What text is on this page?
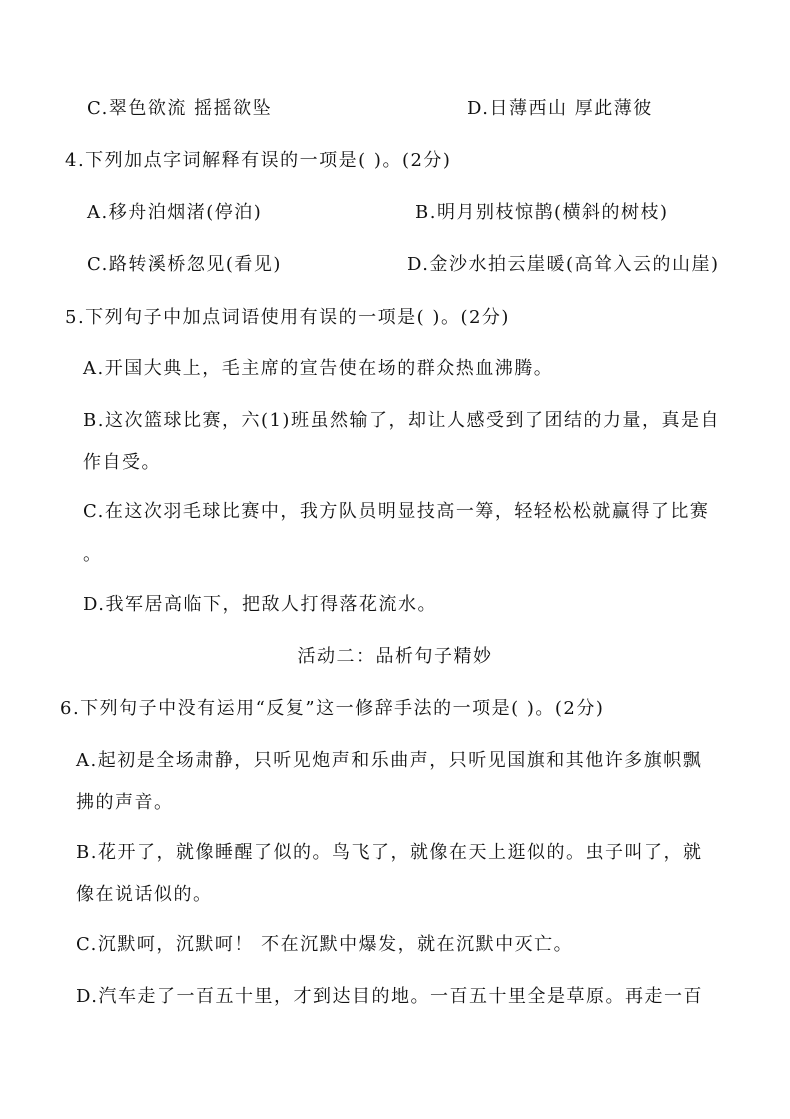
C.翠色欲流 摇摇欲坠	D.日薄西山 厚此薄彼
4.下列加点字词解释有误的一项是( )。(2分)
A.移舟泊烟渚(停泊)	B.明月别枝惊鹊(横斜的树枝)
C.路转溪桥忽见(看见)	D.金沙水拍云崖暖(高耸入云的山崖)
5.下列句子中加点词语使用有误的一项是( )。(2分)
A.开国大典上，毛主席的宣告使在场的群众热血沸腾。
B.这次篮球比赛，六(1)班虽然输了，却让人感受到了团结的力量，真是自
作自受。
C.在这次羽毛球比赛中，我方队员明显技高一筹，轻轻松松就赢得了比赛
。
D.我军居高临下，把敌人打得落花流水。
活动二：品析句子精妙
6.下列句子中没有运用“反复”这一修辞手法的一项是( )。(2分)
A.起初是全场肃静，只听见炮声和乐曲声，只听见国旗和其他许多旗帜飘
拂的声音。
B.花开了，就像睡醒了似的。鸟飞了，就像在天上逛似的。虫子叫了，就
像在说话似的。
C.沉默呵，沉默呵！ 不在沉默中爆发，就在沉默中灭亡。
D.汽车走了一百五十里，才到达目的地。一百五十里全是草原。再走一百
